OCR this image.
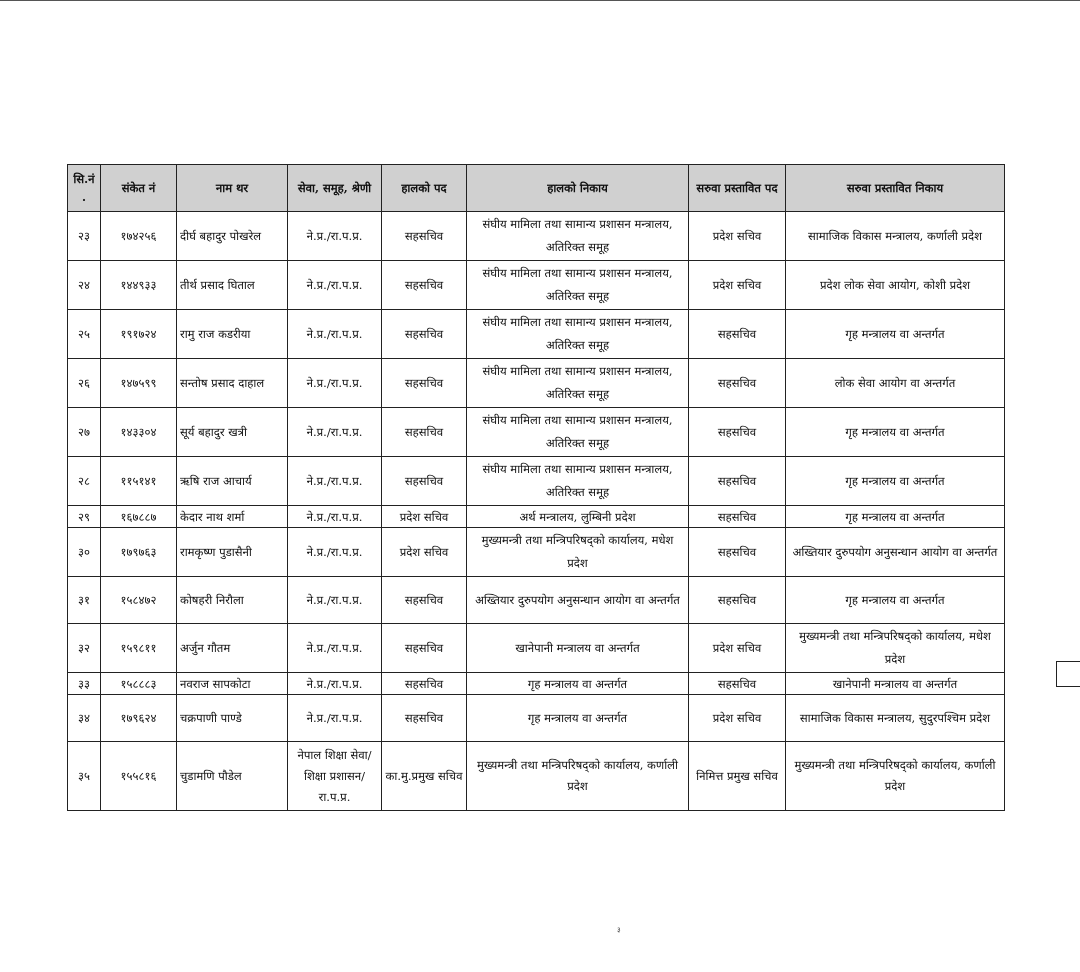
सि.नं .	संकेत नं	नाम थर	सेवा, समूह, श्रेणी	हालको पद	हालको निकाय	सरुवा प्रस्तावित पद	सरुवा प्रस्तावित निकाय
२३	१७४२५६	दीर्घ बहादुर पोखरेल	ने.प्र./रा.प.प्र.	सहसचिव	संघीय मामिला तथा सामान्य प्रशासन मन्त्रालय, अतिरिक्त समूह	प्रदेश सचिव	सामाजिक विकास मन्त्रालय, कर्णाली प्रदेश
२४	१४४९३३	तीर्थ प्रसाद घिताल	ने.प्र./रा.प.प्र.	सहसचिव	संघीय मामिला तथा सामान्य प्रशासन मन्त्रालय, अतिरिक्त समूह	प्रदेश सचिव	प्रदेश लोक सेवा आयोग, कोशी प्रदेश
२५	१९१७२४	रामु राज कडरीया	ने.प्र./रा.प.प्र.	सहसचिव	संघीय मामिला तथा सामान्य प्रशासन मन्त्रालय, अतिरिक्त समूह	सहसचिव	गृह मन्त्रालय वा अन्तर्गत
२६	१४७५९९	सन्तोष प्रसाद दाहाल	ने.प्र./रा.प.प्र.	सहसचिव	संघीय मामिला तथा सामान्य प्रशासन मन्त्रालय, अतिरिक्त समूह	सहसचिव	लोक सेवा आयोग वा अन्तर्गत
२७	१४३३०४	सूर्य बहादुर खत्री	ने.प्र./रा.प.प्र.	सहसचिव	संघीय मामिला तथा सामान्य प्रशासन मन्त्रालय, अतिरिक्त समूह	सहसचिव	गृह मन्त्रालय वा अन्तर्गत
२८	११५१४१	ऋषि राज आचार्य	ने.प्र./रा.प.प्र.	सहसचिव	संघीय मामिला तथा सामान्य प्रशासन मन्त्रालय, अतिरिक्त समूह	सहसचिव	गृह मन्त्रालय वा अन्तर्गत
२९	१६७८८७	केदार नाथ शर्मा	ने.प्र./रा.प.प्र.	प्रदेश सचिव	अर्थ मन्त्रालय, लुम्बिनी प्रदेश	सहसचिव	गृह मन्त्रालय वा अन्तर्गत
३०	१७९७६३	रामकृष्ण पुडासैनी	ने.प्र./रा.प.प्र.	प्रदेश सचिव	मुख्यमन्त्री तथा मन्त्रिपरिषद्को कार्यालय, मधेश प्रदेश	सहसचिव	अख्तियार दुरुपयोग अनुसन्धान आयोग वा अन्तर्गत
३१	१५८४७२	कोषहरी निरौला	ने.प्र./रा.प.प्र.	सहसचिव	अख्तियार दुरुपयोग अनुसन्धान आयोग वा अन्तर्गत	सहसचिव	गृह मन्त्रालय वा अन्तर्गत
३२	१५९८११	अर्जुन गौतम	ने.प्र./रा.प.प्र.	सहसचिव	खानेपानी मन्त्रालय वा अन्तर्गत	प्रदेश सचिव	मुख्यमन्त्री तथा मन्त्रिपरिषद्को कार्यालय, मधेश प्रदेश
३३	१५८८८३	नवराज सापकोटा	ने.प्र./रा.प.प्र.	सहसचिव	गृह मन्त्रालय वा अन्तर्गत	सहसचिव	खानेपानी मन्त्रालय वा अन्तर्गत
३४	१७९६२४	चक्रपाणी पाण्डे	ने.प्र./रा.प.प्र.	सहसचिव	गृह मन्त्रालय वा अन्तर्गत	प्रदेश सचिव	सामाजिक विकास मन्त्रालय, सुदुरपश्चिम प्रदेश
३५	१५५८१६	चुडामणि पौडेल	नेपाल शिक्षा सेवा/ शिक्षा प्रशासन/रा.प.प्र.	का.मु.प्रमुख सचिव	मुख्यमन्त्री तथा मन्त्रिपरिषद्को कार्यालय, कर्णाली प्रदेश	निमित्त प्रमुख सचिव	मुख्यमन्त्री तथा मन्त्रिपरिषद्को कार्यालय, कर्णाली प्रदेश
३
